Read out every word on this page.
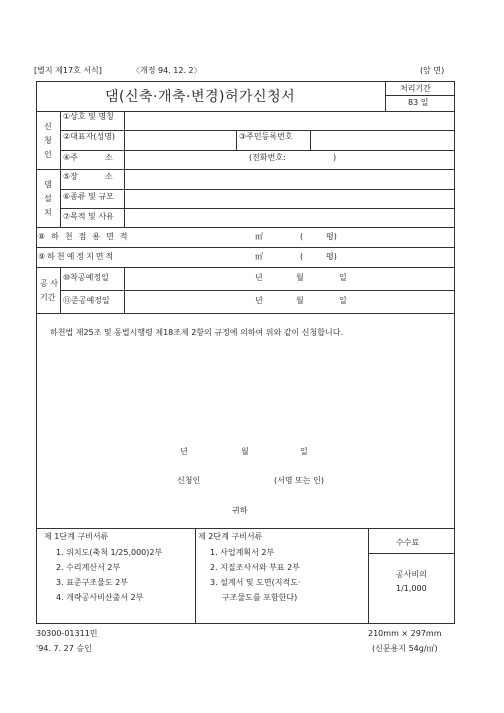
[별지 제17호 서식]	〈개정 94. 12. 2〉	(앞 면)
댐(신축·개축·변경)허가신청서
처리기간
83 일
신
청
인
①상호 및 명칭
②대표자(성명)	③주민등록번호
④주	소	(전화번호:	)
댐
설
치
⑤장	소
⑥종류 및 규모
⑦목적 및 사유
⑧하천점용면적	㎡	(	평)
⑨하천예정지면적	㎡	(	평)
공 사
기간
⑩착공예정일	년	월	일
⑪준공예정일	년	월	일
하천법 제25조 및 동법시행령 제18조제 2항의 규정에 의하여 위와 같이 신청합니다.
년	월	일
신청인	(서명 또는 인)
귀하
제 1단계 구비서류
1. 위치도(축척 1/25,000)2부
2. 수리계산서 2부
3. 표준구조물도 2부
4. 개략공사비산출서 2부
제 2단계 구비서류
1. 사업계획서 2부
2. 지질조사서와 부표 2부
3. 설계서 및 도면(지적도·
구조물도를 포함한다)
수수료
공사비의
1/1,000
30300-01311민
'94. 7. 27 승인
210mm × 297mm
(신문용지 54g/㎡)
